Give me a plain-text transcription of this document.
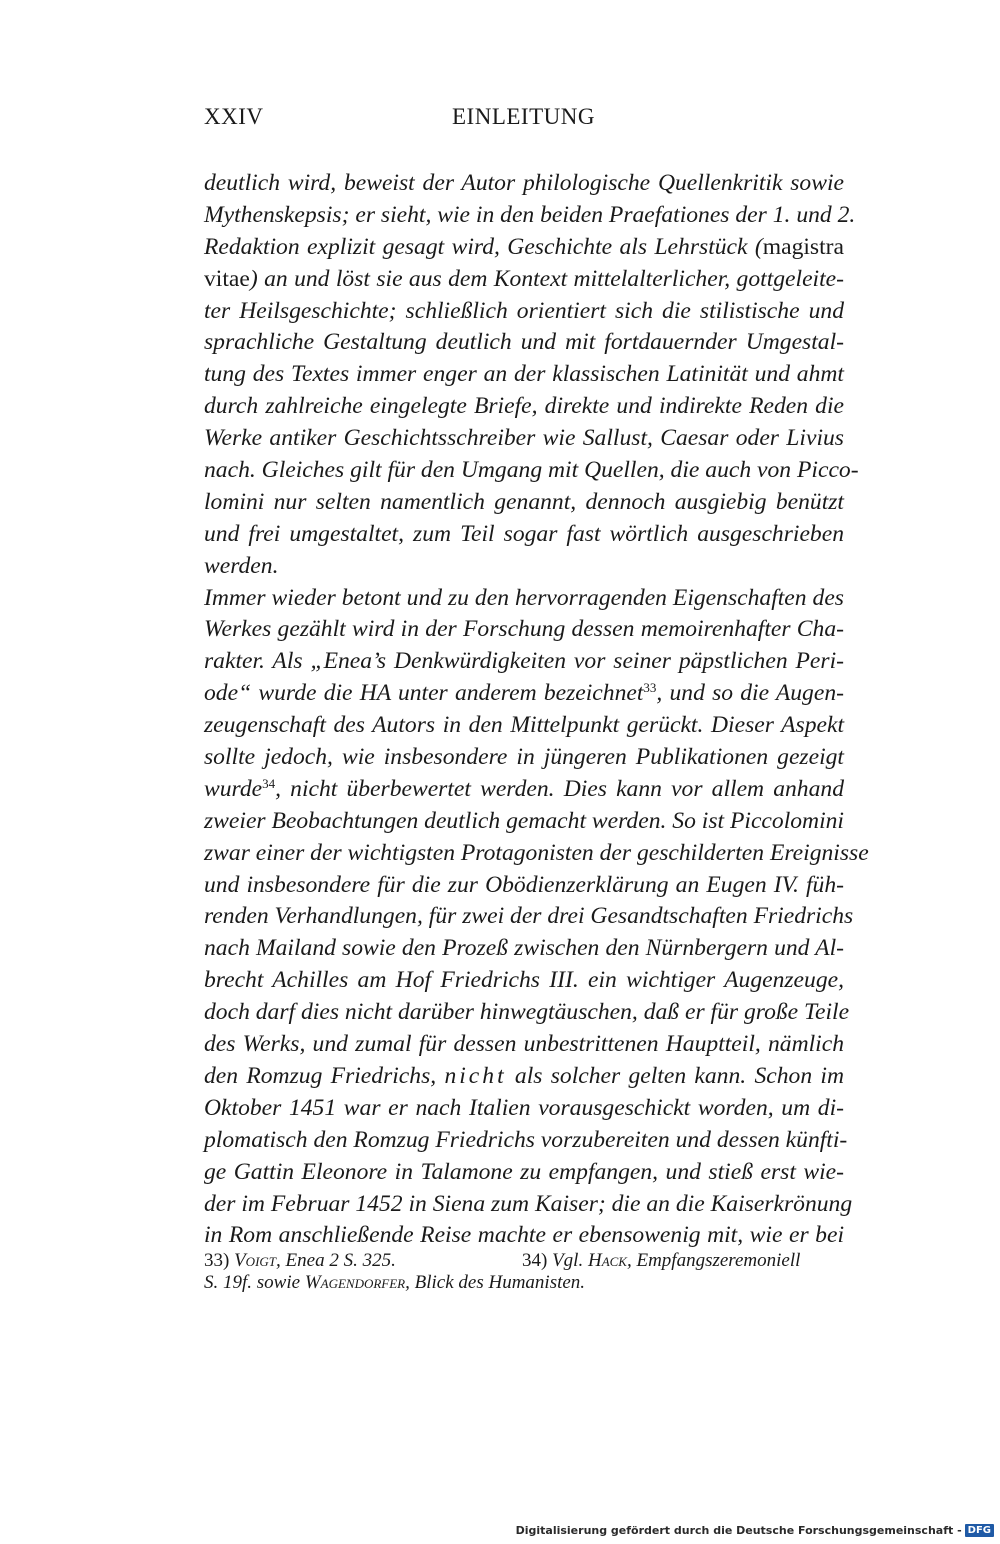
XXIV	EINLEITUNG
deutlich wird, beweist der Autor philologische Quellenkritik sowie
Mythenskepsis; er sieht, wie in den beiden Praefationes der 1. und 2.
Redaktion explizit gesagt wird, Geschichte als Lehrstück (magistra
vitae) an und löst sie aus dem Kontext mittelalterlicher, gottgeleite-
ter Heilsgeschichte; schließlich orientiert sich die stilistische und
sprachliche Gestaltung deutlich und mit fortdauernder Umgestal-
tung des Textes immer enger an der klassischen Latinität und ahmt
durch zahlreiche eingelegte Briefe, direkte und indirekte Reden die
Werke antiker Geschichtsschreiber wie Sallust, Caesar oder Livius
nach. Gleiches gilt für den Umgang mit Quellen, die auch von Picco-
lomini nur selten namentlich genannt, dennoch ausgiebig benützt
und frei umgestaltet, zum Teil sogar fast wörtlich ausgeschrieben
werden.
Immer wieder betont und zu den hervorragenden Eigenschaften des
Werkes gezählt wird in der Forschung dessen memoirenhafter Cha-
rakter. Als „Enea’s Denkwürdigkeiten vor seiner päpstlichen Peri-
ode“ wurde die HA unter anderem bezeichnet$^{33}$, und so die Augen-
zeugenschaft des Autors in den Mittelpunkt gerückt. Dieser Aspekt
sollte jedoch, wie insbesondere in jüngeren Publikationen gezeigt
wurde$^{34}$, nicht überbewertet werden. Dies kann vor allem anhand
zweier Beobachtungen deutlich gemacht werden. So ist Piccolomini
zwar einer der wichtigsten Protagonisten der geschilderten Ereignisse
und insbesondere für die zur Obödienzerklärung an Eugen IV. füh-
renden Verhandlungen, für zwei der drei Gesandtschaften Friedrichs
nach Mailand sowie den Prozeß zwischen den Nürnbergern und Al-
brecht Achilles am Hof Friedrichs III. ein wichtiger Augenzeuge,
doch darf dies nicht darüber hinwegtäuschen, daß er für große Teile
des Werks, und zumal für dessen unbestrittenen Hauptteil, nämlich
den Romzug Friedrichs, nicht als solcher gelten kann. Schon im
Oktober 1451 war er nach Italien vorausgeschickt worden, um di-
plomatisch den Romzug Friedrichs vorzubereiten und dessen künfti-
ge Gattin Eleonore in Talamone zu empfangen, und stieß erst wie-
der im Februar 1452 in Siena zum Kaiser; die an die Kaiserkrönung
in Rom anschließende Reise machte er ebensowenig mit, wie er bei
33) Voigt, Enea 2 S. 325.	34) Vgl. Hack, Empfangszeremoniell
S. 19f. sowie Wagendorfer, Blick des Humanisten.
Digitalisierung gefördert durch die Deutsche Forschungsgemeinschaft - DFG
